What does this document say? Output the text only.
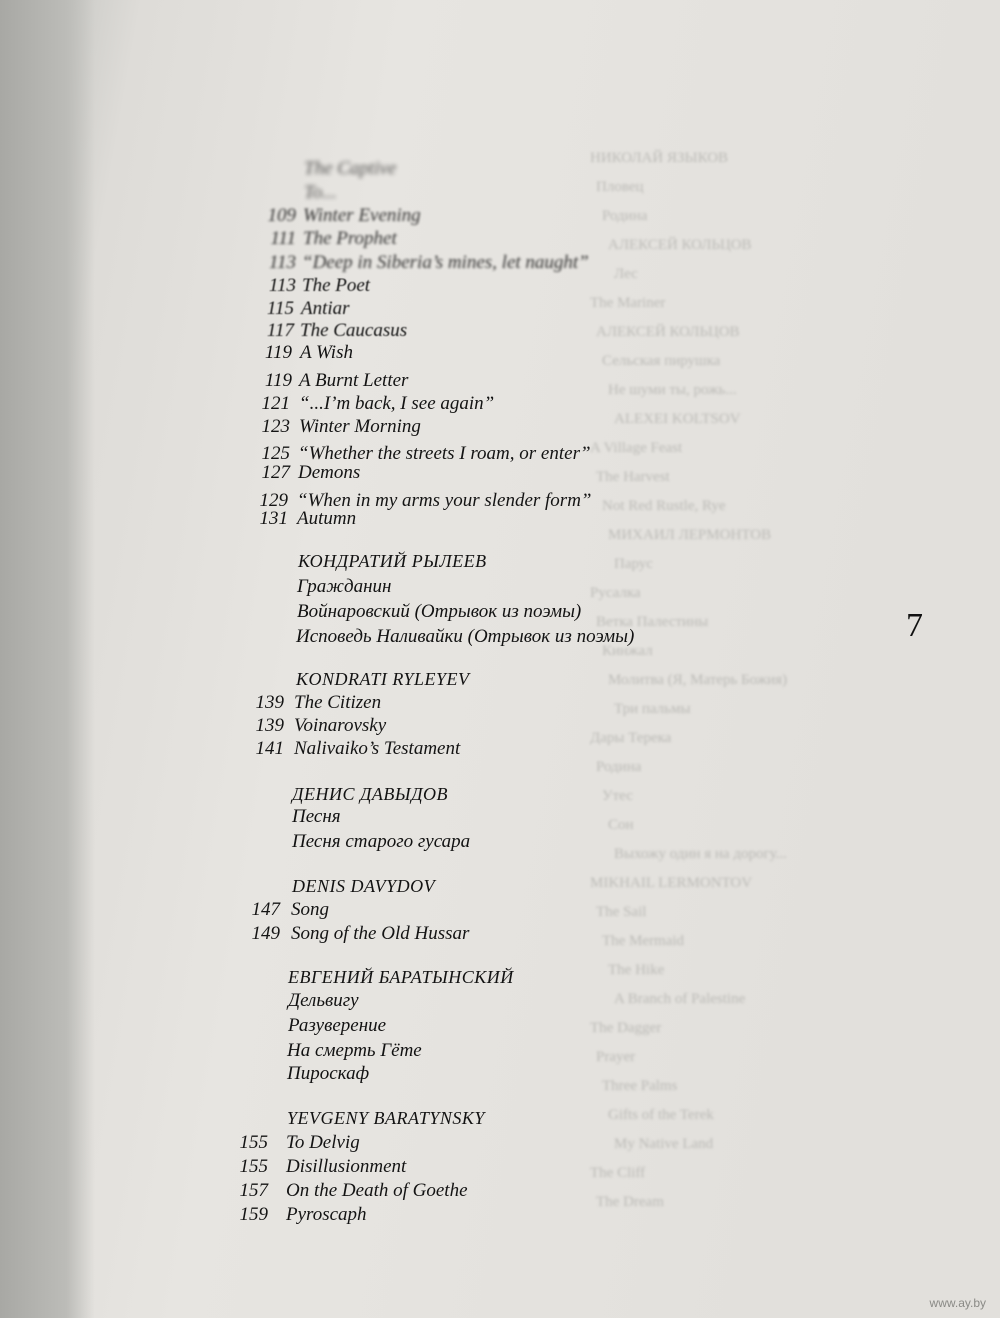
НИКОЛАЙ ЯЗЫКОВ
Пловец
Родина
АЛЕКСЕЙ КОЛЬЦОВ
Лес
The Mariner
АЛЕКСЕЙ КОЛЬЦОВ
Сельская пирушка
Не шуми ты, рожь...
ALEXEI KOLTSOV
A Village Feast
The Harvest
Not Red Rustle, Rye
МИХАИЛ ЛЕРМОНТОВ
Парус
Русалка
Ветка Палестины
Кинжал
Молитва (Я, Матерь Божия)
Три пальмы
Дары Терека
Родина
Утес
Сон
Выхожу один я на дорогу...
MIKHAIL LERMONTOV
The Sail
The Mermaid
The Hike
A Branch of Palestine
The Dagger
Prayer
Three Palms
Gifts of the Terek
My Native Land
The Cliff
The Dream
The Captive
To...
109 Winter Evening
111 The Prophet
113 “Deep in Siberia’s mines, let naught”
113 The Poet
115 Antiar
117 The Caucasus
119 A Wish
119 A Burnt Letter
121 “...I’m back, I see again”
123 Winter Morning
125 “Whether the streets I roam, or enter”
127 Demons
129 “When in my arms your slender form”
131 Autumn
КОНДРАТИЙ РЫЛЕЕВ
Гражданин
Войнаровский (Отрывок из поэмы)
Исповедь Наливайки (Отрывок из поэмы)
KONDRATI RYLEYEV
139 The Citizen
139 Voinarovsky
141 Nalivaiko’s Testament
ДЕНИС ДАВЫДОВ
Песня
Песня старого гусара
DENIS DAVYDOV
147 Song
149 Song of the Old Hussar
ЕВГЕНИЙ БАРАТЫНСКИЙ
Дельвигу
Разуверение
На смерть Гёте
Пироскаф
YEVGENY BARATYNSKY
155 To Delvig
155 Disillusionment
157 On the Death of Goethe
159 Pyroscaph
7
www.ay.by
